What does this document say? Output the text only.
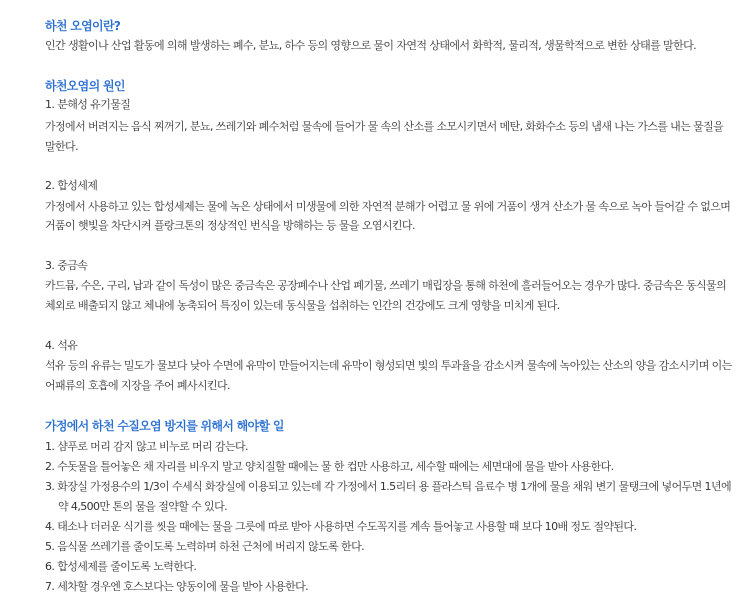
하천 오염이란?
인간 생활이나 산업 활동에 의해 발생하는 폐수, 분뇨, 하수 등의 영향으로 물이 자연적 상태에서 화학적, 물리적, 생물학적으로 변한 상태를 말한다.
하천오염의 원인
1. 분해성 유기물질
가정에서 버려지는 음식 찌꺼기, 분뇨, 쓰레기와 폐수처럼 물속에 들어가 물 속의 산소를 소모시키면서 메탄, 화화수소 등의 냄새 나는 가스를 내는 물질을
말한다.
2. 합성세제
가정에서 사용하고 있는 합성세제는 물에 녹은 상태에서 미생물에 의한 자연적 분해가 어렵고 물 위에 거품이 생겨 산소가 물 속으로 녹아 들어갈 수 없으며
거품이 햇빛을 차단시켜 플랑크톤의 정상적인 번식을 방해하는 등 물을 오염시킨다.
3. 중금속
카드뮴, 수은, 구리, 납과 같이 독성이 많은 중금속은 공장폐수나 산업 폐기물, 쓰레기 매립장을 통해 하천에 흘러들어오는 경우가 많다. 중금속은 동식물의
체외로 배출되지 않고 체내에 농축되어 특징이 있는데 동식물을 섭취하는 인간의 건강에도 크게 영향을 미치게 된다.
4. 석유
석유 등의 유류는 밀도가 물보다 낮아 수면에 유막이 만들어지는데 유막이 형성되면 빛의 투과율을 감소시켜 물속에 녹아있는 산소의 양을 감소시키며 이는
어패류의 호흡에 지장을 주어 폐사시킨다.
가정에서 하천 수질오염 방지를 위해서 해야할 일
1. 샴푸로 머리 감지 않고 비누로 머리 감는다.
2. 수돗물을 틀어놓은 채 자리를 비우지 말고 양치질할 때에는 물 한 컵만 사용하고, 세수할 때에는 세면대에 물을 받아 사용한다.
3. 화장실 가정용수의 1/3이 수세식 화장실에 이용되고 있는데 각 가정에서 1.5리터 용 플라스틱 음료수 병 1개에 물을 채워 변기 물탱크에 넣어두면 1년에
약 4,500만 톤의 물을 절약할 수 있다.
4. 태소나 더러운 식기를 씻을 때에는 물을 그릇에 따로 받아 사용하면 수도꼭지를 계속 틀어놓고 사용할 때 보다 10배 정도 절약된다.
5. 음식물 쓰레기를 줄이도록 노력하며 하천 근처에 버리지 않도록 한다.
6. 합성세제를 줄이도록 노력한다.
7. 세차할 경우엔 호스보다는 양동이에 물을 받아 사용한다.
